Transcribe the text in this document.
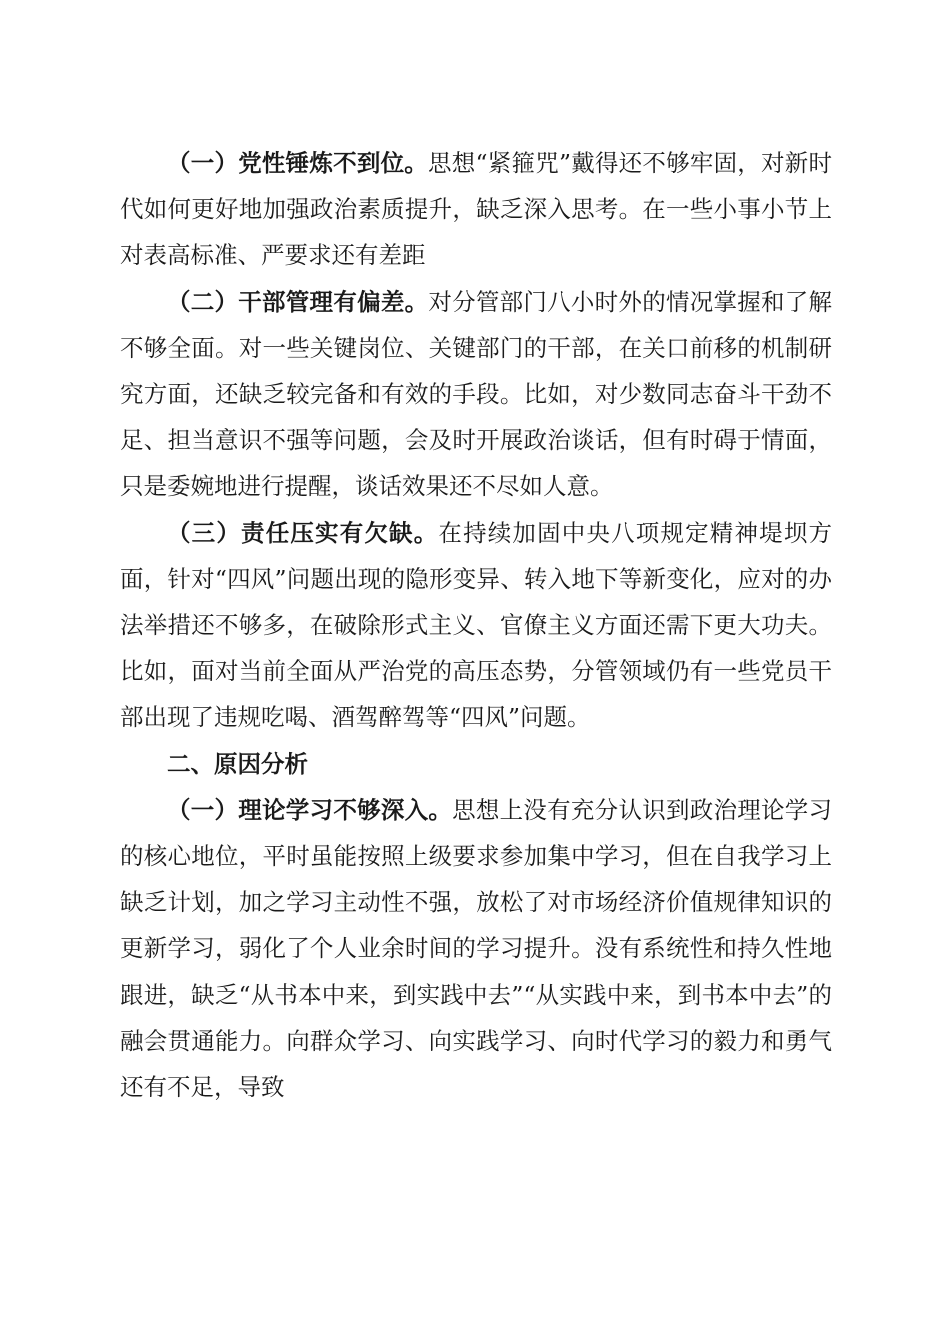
（一）党性锤炼不到位。思想“紧箍咒”戴得还不够牢固，对新时代如何更好地加强政治素质提升，缺乏深入思考。在一些小事小节上对表高标准、严要求还有差距

（二）干部管理有偏差。对分管部门八小时外的情况掌握和了解不够全面。对一些关键岗位、关键部门的干部，在关口前移的机制研究方面，还缺乏较完备和有效的手段。比如，对少数同志奋斗干劲不足、担当意识不强等问题，会及时开展政治谈话，但有时碍于情面，只是委婉地进行提醒，谈话效果还不尽如人意。

（三）责任压实有欠缺。在持续加固中央八项规定精神堤坝方面，针对“四风”问题出现的隐形变异、转入地下等新变化，应对的办法举措还不够多，在破除形式主义、官僚主义方面还需下更大功夫。比如，面对当前全面从严治党的高压态势，分管领域仍有一些党员干部出现了违规吃喝、酒驾醉驾等“四风”问题。

二、原因分析

（一）理论学习不够深入。思想上没有充分认识到政治理论学习的核心地位，平时虽能按照上级要求参加集中学习，但在自我学习上缺乏计划，加之学习主动性不强，放松了对市场经济价值规律知识的更新学习，弱化了个人业余时间的学习提升。没有系统性和持久性地跟进，缺乏“从书本中来，到实践中去”“从实践中来，到书本中去”的融会贯通能力。向群众学习、向实践学习、向时代学习的毅力和勇气还有不足，导致
